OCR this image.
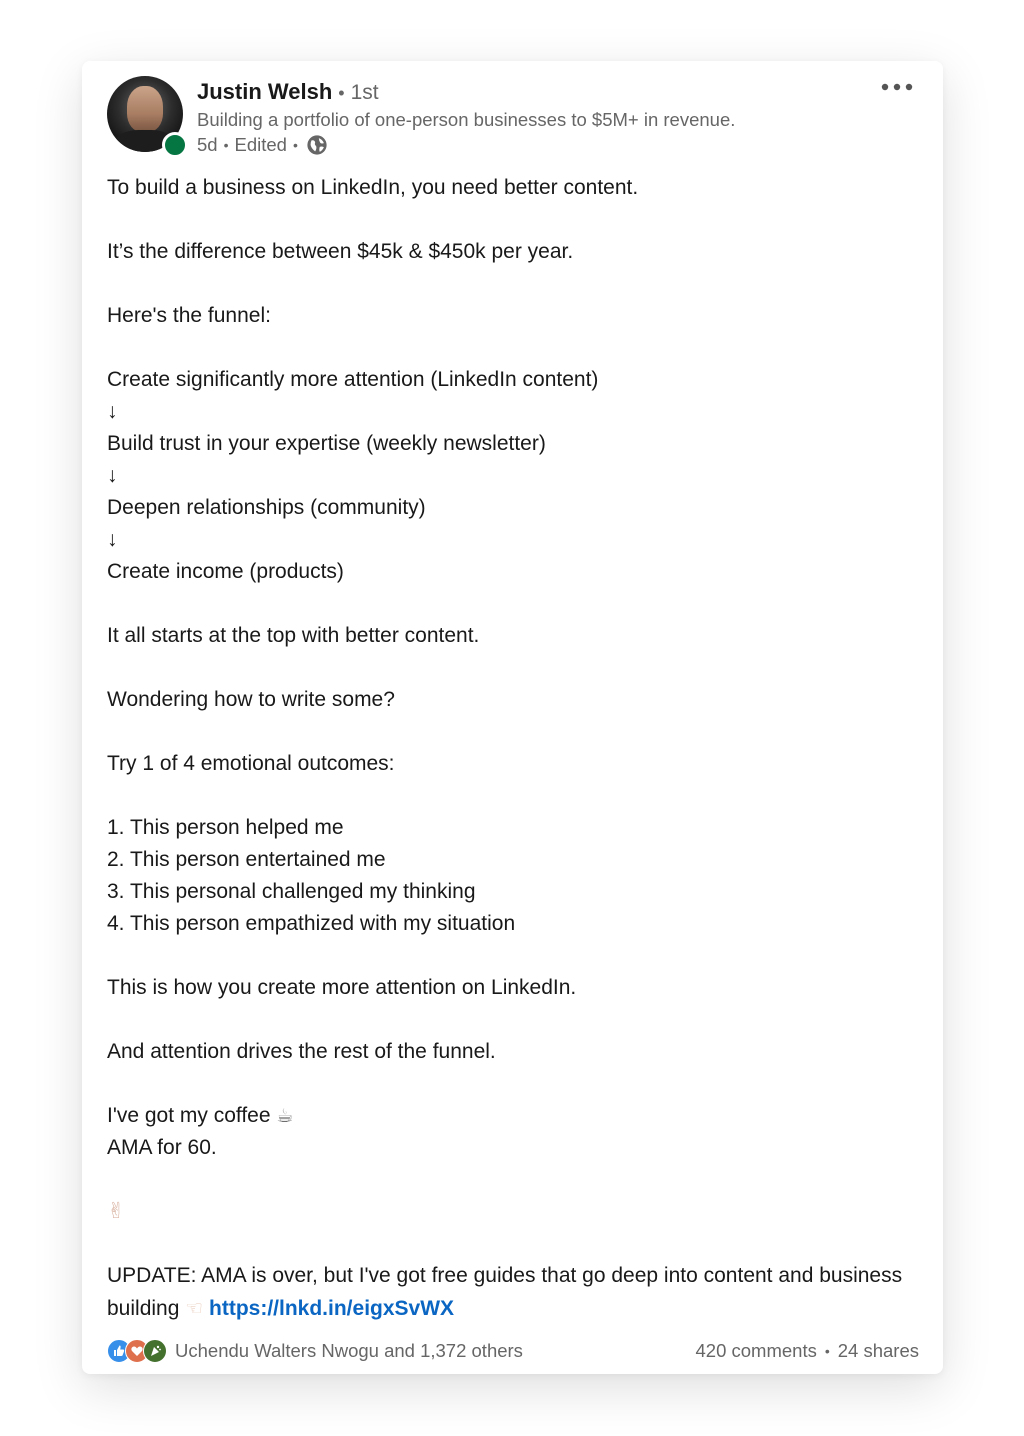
Justin Welsh • 1st
Building a portfolio of one-person businesses to $5M+ in revenue.
5d • Edited •
To build a business on LinkedIn, you need better content.
It’s the difference between $45k & $450k per year.
Here's the funnel:
Create significantly more attention (LinkedIn content)
↓
Build trust in your expertise (weekly newsletter)
↓
Deepen relationships (community)
↓
Create income (products)
It all starts at the top with better content.
Wondering how to write some?
Try 1 of 4 emotional outcomes:
1. This person helped me
2. This person entertained me
3. This personal challenged my thinking
4. This person empathized with my situation
This is how you create more attention on LinkedIn.
And attention drives the rest of the funnel.
I've got my coffee ☕
AMA for 60.
✌
UPDATE: AMA is over, but I've got free guides that go deep into content and business building ☜ https://lnkd.in/eigxSvWX
Uchendu Walters Nwogu and 1,372 others	420 comments • 24 shares
